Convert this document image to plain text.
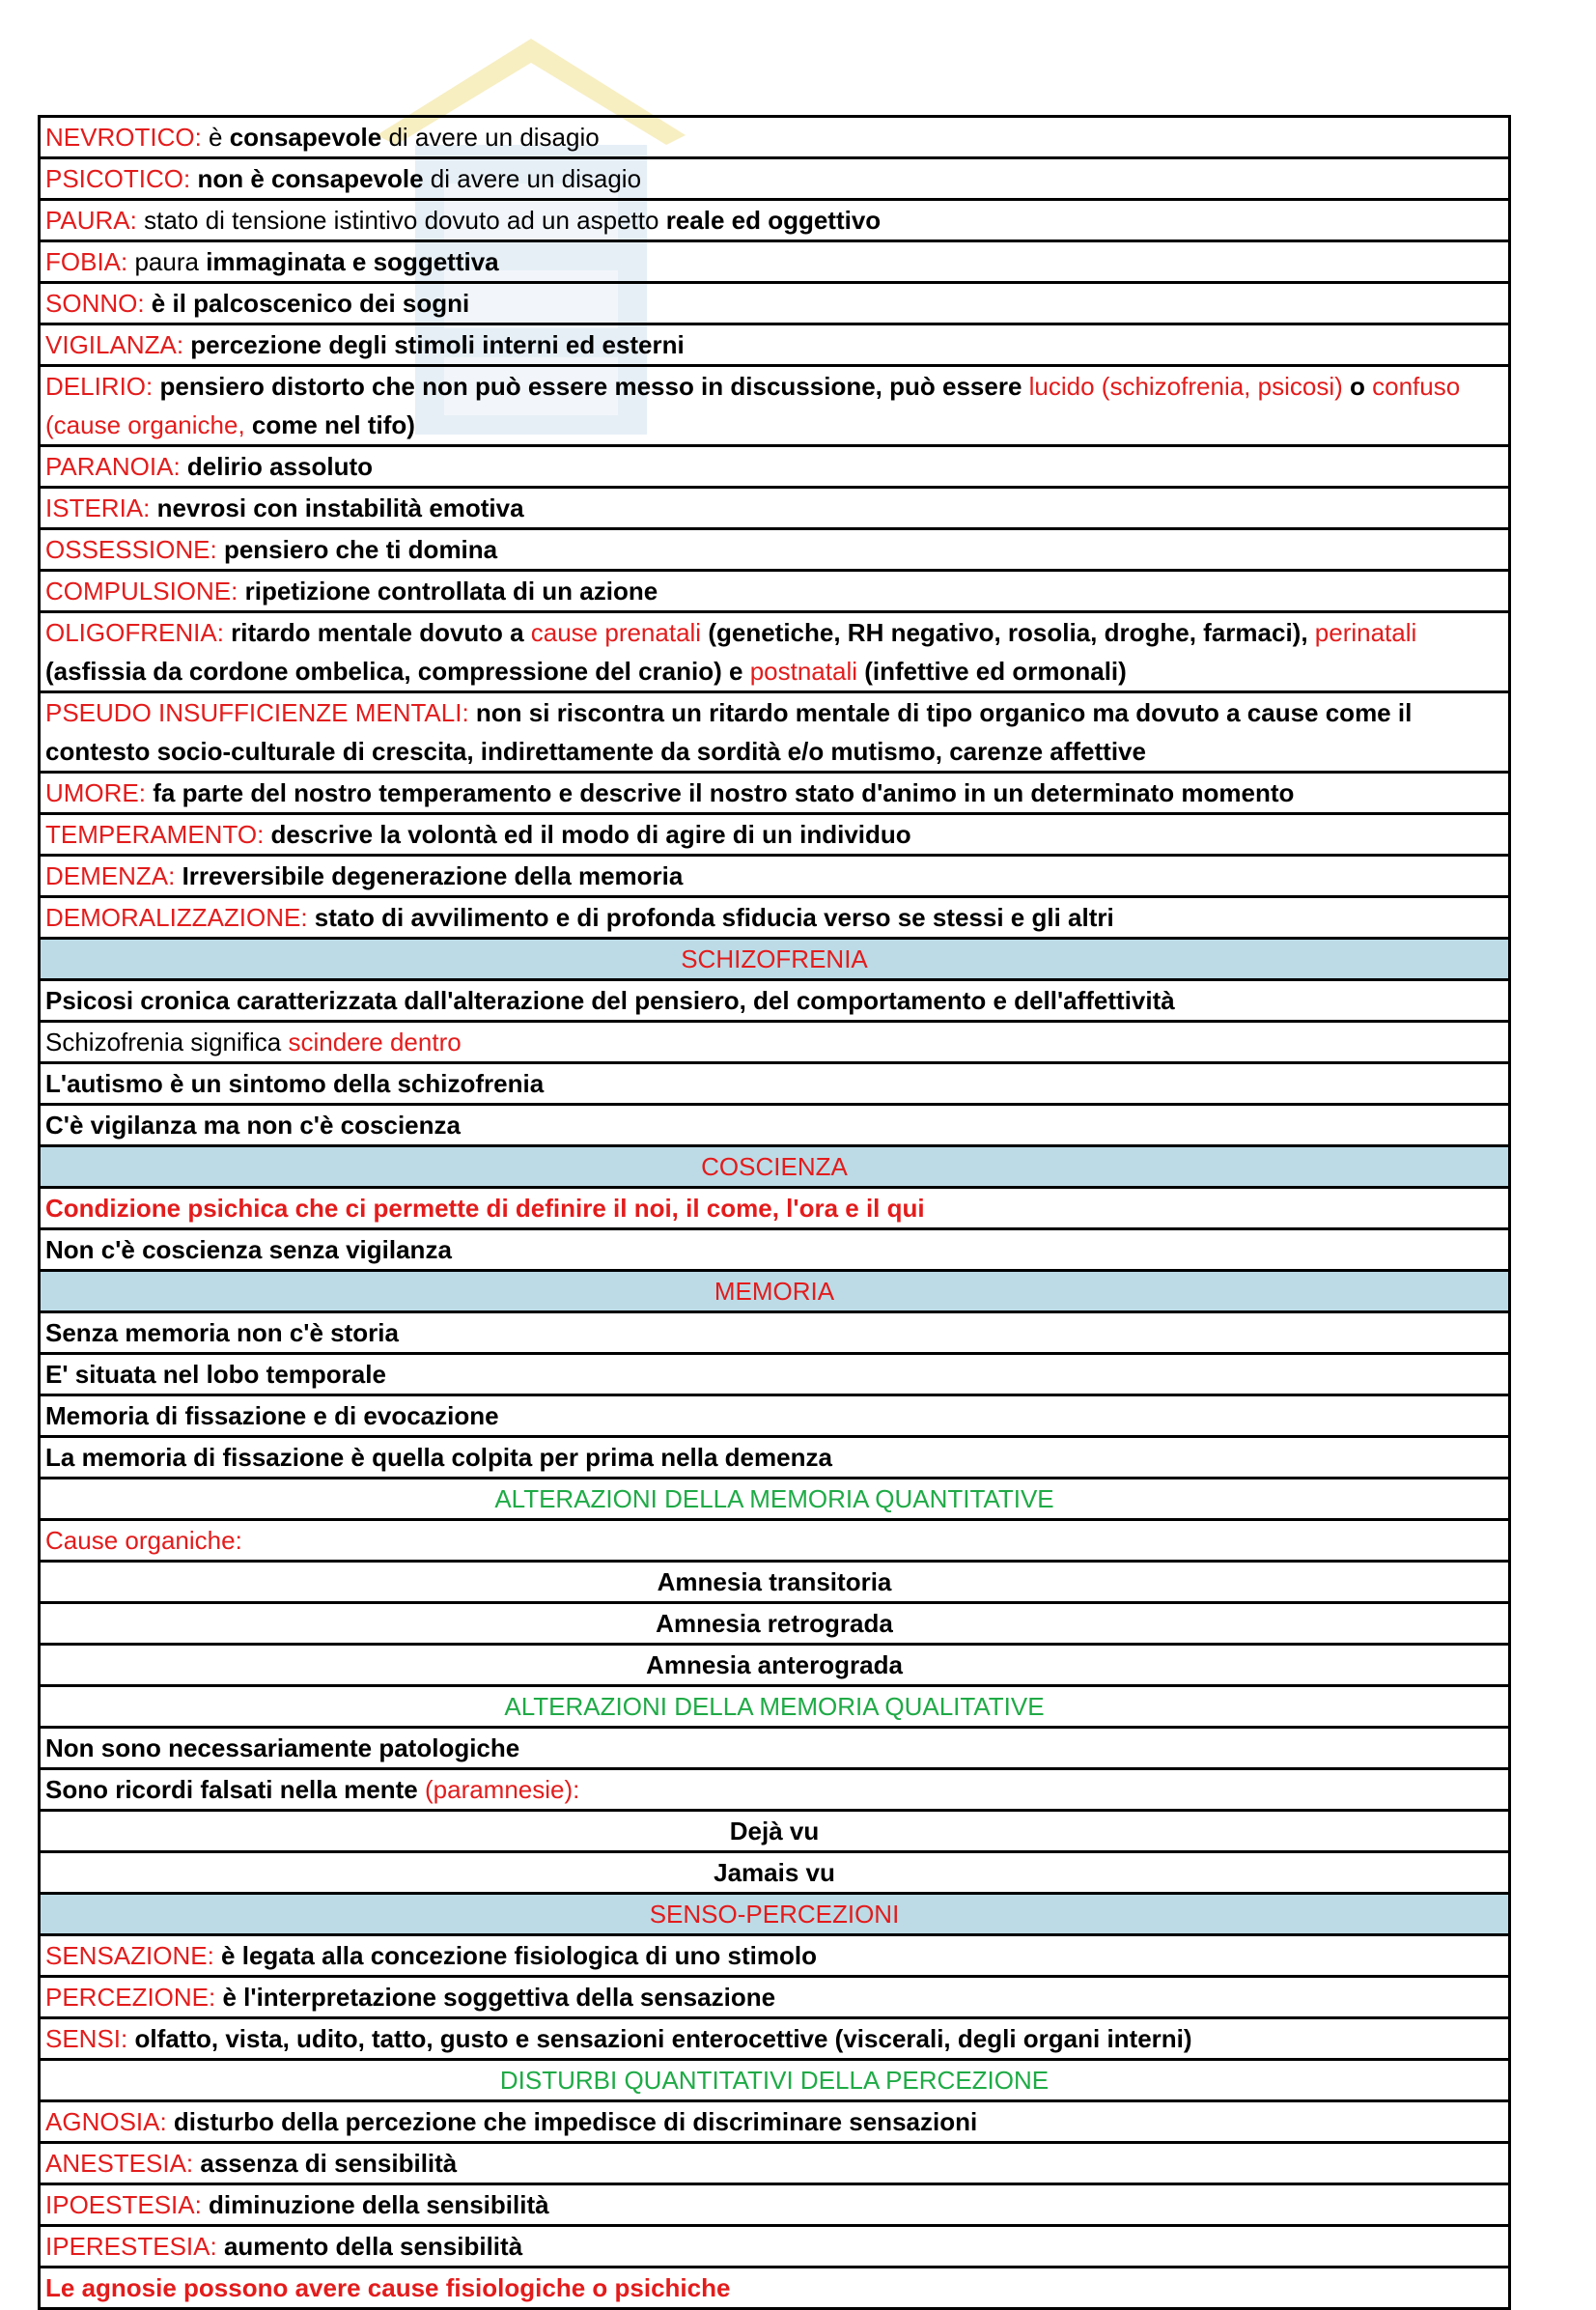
NEVROTICO: è consapevole di avere un disagio
PSICOTICO: non è consapevole di avere un disagio
PAURA: stato di tensione istintivo dovuto ad un aspetto reale ed oggettivo
FOBIA: paura immaginata e soggettiva
SONNO: è il palcoscenico dei sogni
VIGILANZA: percezione degli stimoli interni ed esterni
DELIRIO: pensiero distorto che non può essere messo in discussione, può essere lucido (schizofrenia, psicosi) o confuso (cause organiche, come nel tifo)
PARANOIA: delirio assoluto
ISTERIA: nevrosi con instabilità emotiva
OSSESSIONE: pensiero che ti domina
COMPULSIONE: ripetizione controllata di un azione
OLIGOFRENIA: ritardo mentale dovuto a cause prenatali (genetiche, RH negativo, rosolia, droghe, farmaci), perinatali (asfissia da cordone ombelica, compressione del cranio) e postnatali (infettive ed ormonali)
PSEUDO INSUFFICIENZE MENTALI: non si riscontra un ritardo mentale di tipo organico ma dovuto a cause come il contesto socio-culturale di crescita, indirettamente da sordità e/o mutismo, carenze affettive
UMORE: fa parte del nostro temperamento e descrive il nostro stato d'animo in un determinato momento
TEMPERAMENTO: descrive la volontà ed il modo di agire di un individuo
DEMENZA: Irreversibile degenerazione della memoria
DEMORALIZZAZIONE: stato di avvilimento e di profonda sfiducia verso se stessi e gli altri
SCHIZOFRENIA
Psicosi cronica caratterizzata dall'alterazione del pensiero, del comportamento e dell'affettività
Schizofrenia significa scindere dentro
L'autismo è un sintomo della schizofrenia
C'è vigilanza ma non c'è coscienza
COSCIENZA
Condizione psichica che ci permette di definire il noi, il come, l'ora e il qui
Non c'è coscienza senza vigilanza
MEMORIA
Senza memoria non c'è storia
E' situata nel lobo temporale
Memoria di fissazione e di evocazione
La memoria di fissazione è quella colpita per prima nella demenza
ALTERAZIONI DELLA MEMORIA QUANTITATIVE
Cause organiche:
Amnesia transitoria
Amnesia retrograda
Amnesia anterograda
ALTERAZIONI DELLA MEMORIA QUALITATIVE
Non sono necessariamente patologiche
Sono ricordi falsati nella mente (paramnesie):
Dejà vu
Jamais vu
SENSO-PERCEZIONI
SENSAZIONE: è legata alla concezione fisiologica di uno stimolo
PERCEZIONE: è l'interpretazione soggettiva della sensazione
SENSI: olfatto, vista, udito, tatto, gusto e sensazioni enterocettive (viscerali, degli organi interni)
DISTURBI QUANTITATIVI DELLA PERCEZIONE
AGNOSIA: disturbo della percezione che impedisce di discriminare sensazioni
ANESTESIA: assenza di sensibilità
IPOESTESIA: diminuzione della sensibilità
IPERESTESIA: aumento della sensibilità
Le agnosie possono avere cause fisiologiche o psichiche
